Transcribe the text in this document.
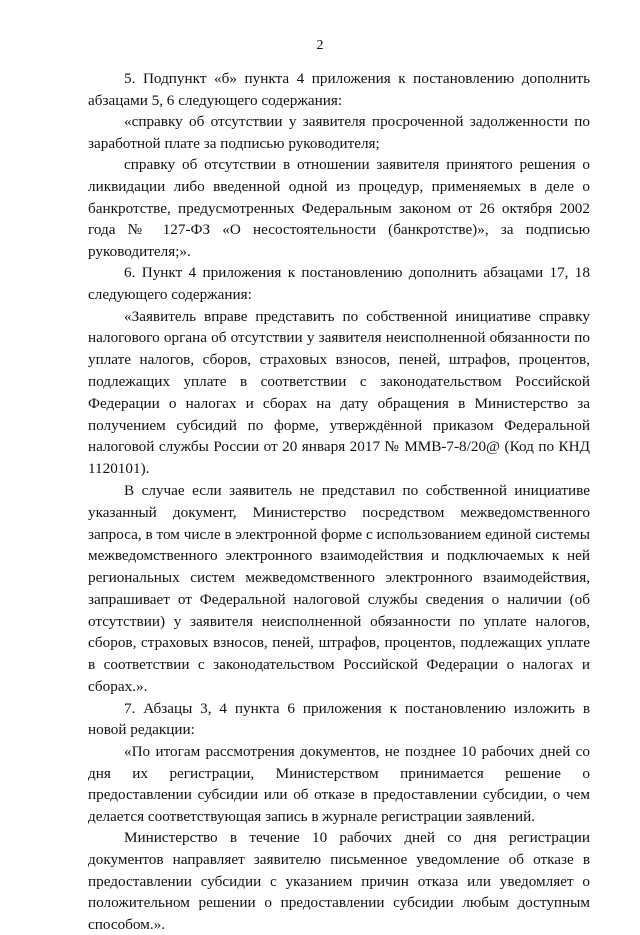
2

5. Подпункт «б» пункта 4 приложения к постановлению дополнить абзацами 5, 6 следующего содержания:

«справку об отсутствии у заявителя просроченной задолженности по заработной плате за подписью руководителя;

справку об отсутствии в отношении заявителя принятого решения о ликвидации либо введенной одной из процедур, применяемых в деле о банкротстве, предусмотренных Федеральным законом от 26 октября 2002 года № 127-ФЗ «О несостоятельности (банкротстве)», за подписью руководителя;».

6. Пункт 4 приложения к постановлению дополнить абзацами 17, 18 следующего содержания:

«Заявитель вправе представить по собственной инициативе справку налогового органа об отсутствии у заявителя неисполненной обязанности по уплате налогов, сборов, страховых взносов, пеней, штрафов, процентов, подлежащих уплате в соответствии с законодательством Российской Федерации о налогах и сборах на дату обращения в Министерство за получением субсидий по форме, утверждённой приказом Федеральной налоговой службы России от 20 января 2017 № ММВ-7-8/20@ (Код по КНД 1120101).

В случае если заявитель не представил по собственной инициативе указанный документ, Министерство посредством межведомственного запроса, в том числе в электронной форме с использованием единой системы межведомственного электронного взаимодействия и подключаемых к ней региональных систем межведомственного электронного взаимодействия, запрашивает от Федеральной налоговой службы сведения о наличии (об отсутствии) у заявителя неисполненной обязанности по уплате налогов, сборов, страховых взносов, пеней, штрафов, процентов, подлежащих уплате в соответствии с законодательством Российской Федерации о налогах и сборах.».

7. Абзацы 3, 4 пункта 6 приложения к постановлению изложить в новой редакции:

«По итогам рассмотрения документов, не позднее 10 рабочих дней со дня их регистрации, Министерством принимается решение о предоставлении субсидии или об отказе в предоставлении субсидии, о чем делается соответствующая запись в журнале регистрации заявлений.

Министерство в течение 10 рабочих дней со дня регистрации документов направляет заявителю письменное уведомление об отказе в предоставлении субсидии с указанием причин отказа или уведомляет о положительном решении о предоставлении субсидии любым доступным способом.».
